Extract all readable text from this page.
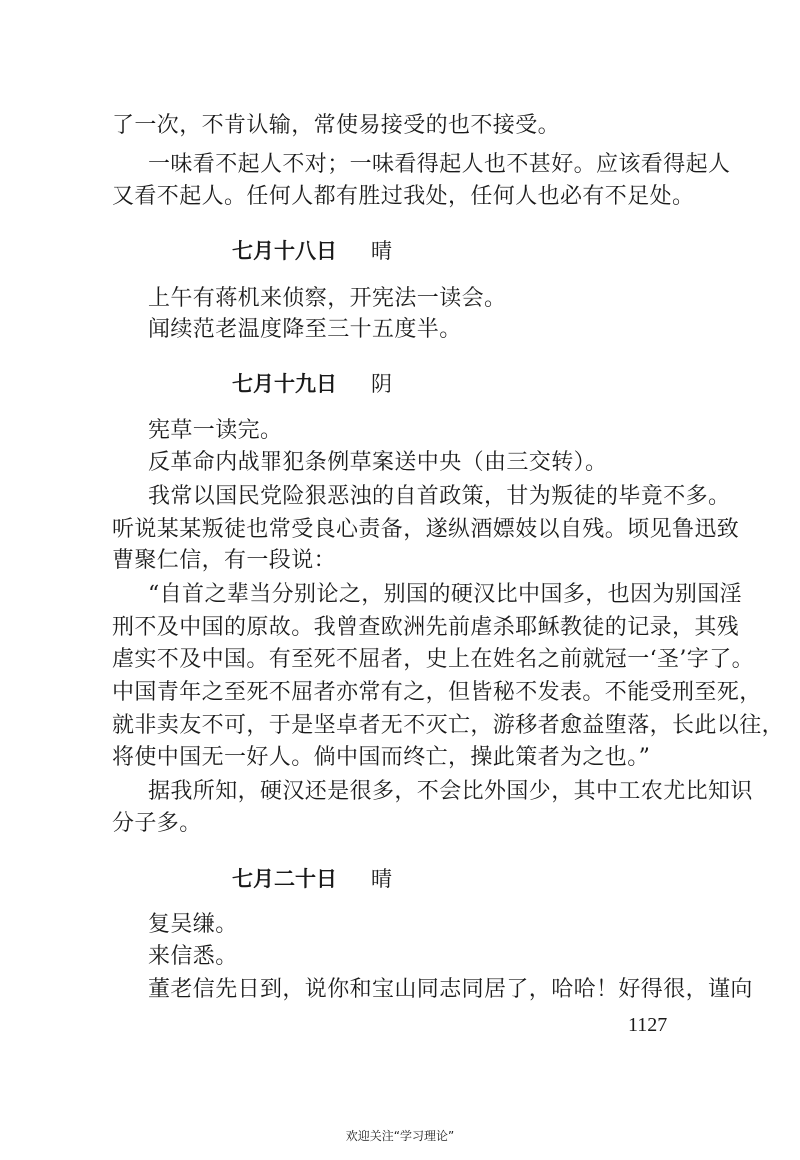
了一次，不肯认输，常使易接受的也不接受。
一味看不起人不对；一味看得起人也不甚好。应该看得起人
又看不起人。任何人都有胜过我处，任何人也必有不足处。
七月十八日 晴
上午有蒋机来侦察，开宪法一读会。
闻续范老温度降至三十五度半。
七月十九日 阴
宪草一读完。
反革命内战罪犯条例草案送中央（由三交转）。
我常以国民党险狠恶浊的自首政策，甘为叛徒的毕竟不多。
听说某某叛徒也常受良心责备，遂纵酒嫖妓以自残。顷见鲁迅致
曹聚仁信，有一段说：
“自首之辈当分别论之，别国的硬汉比中国多，也因为别国淫
刑不及中国的原故。我曾查欧洲先前虐杀耶稣教徒的记录，其残
虐实不及中国。有至死不屈者，史上在姓名之前就冠一‘圣’字了。
中国青年之至死不屈者亦常有之，但皆秘不发表。不能受刑至死，
就非卖友不可，于是坚卓者无不灭亡，游移者愈益堕落，长此以往，
将使中国无一好人。倘中国而终亡，操此策者为之也。”
据我所知，硬汉还是很多，不会比外国少，其中工农尤比知识
分子多。
七月二十日 晴
复吴缣。
来信悉。
董老信先日到，说你和宝山同志同居了，哈哈！好得很，谨向
1127
欢迎关注“学习理论”
